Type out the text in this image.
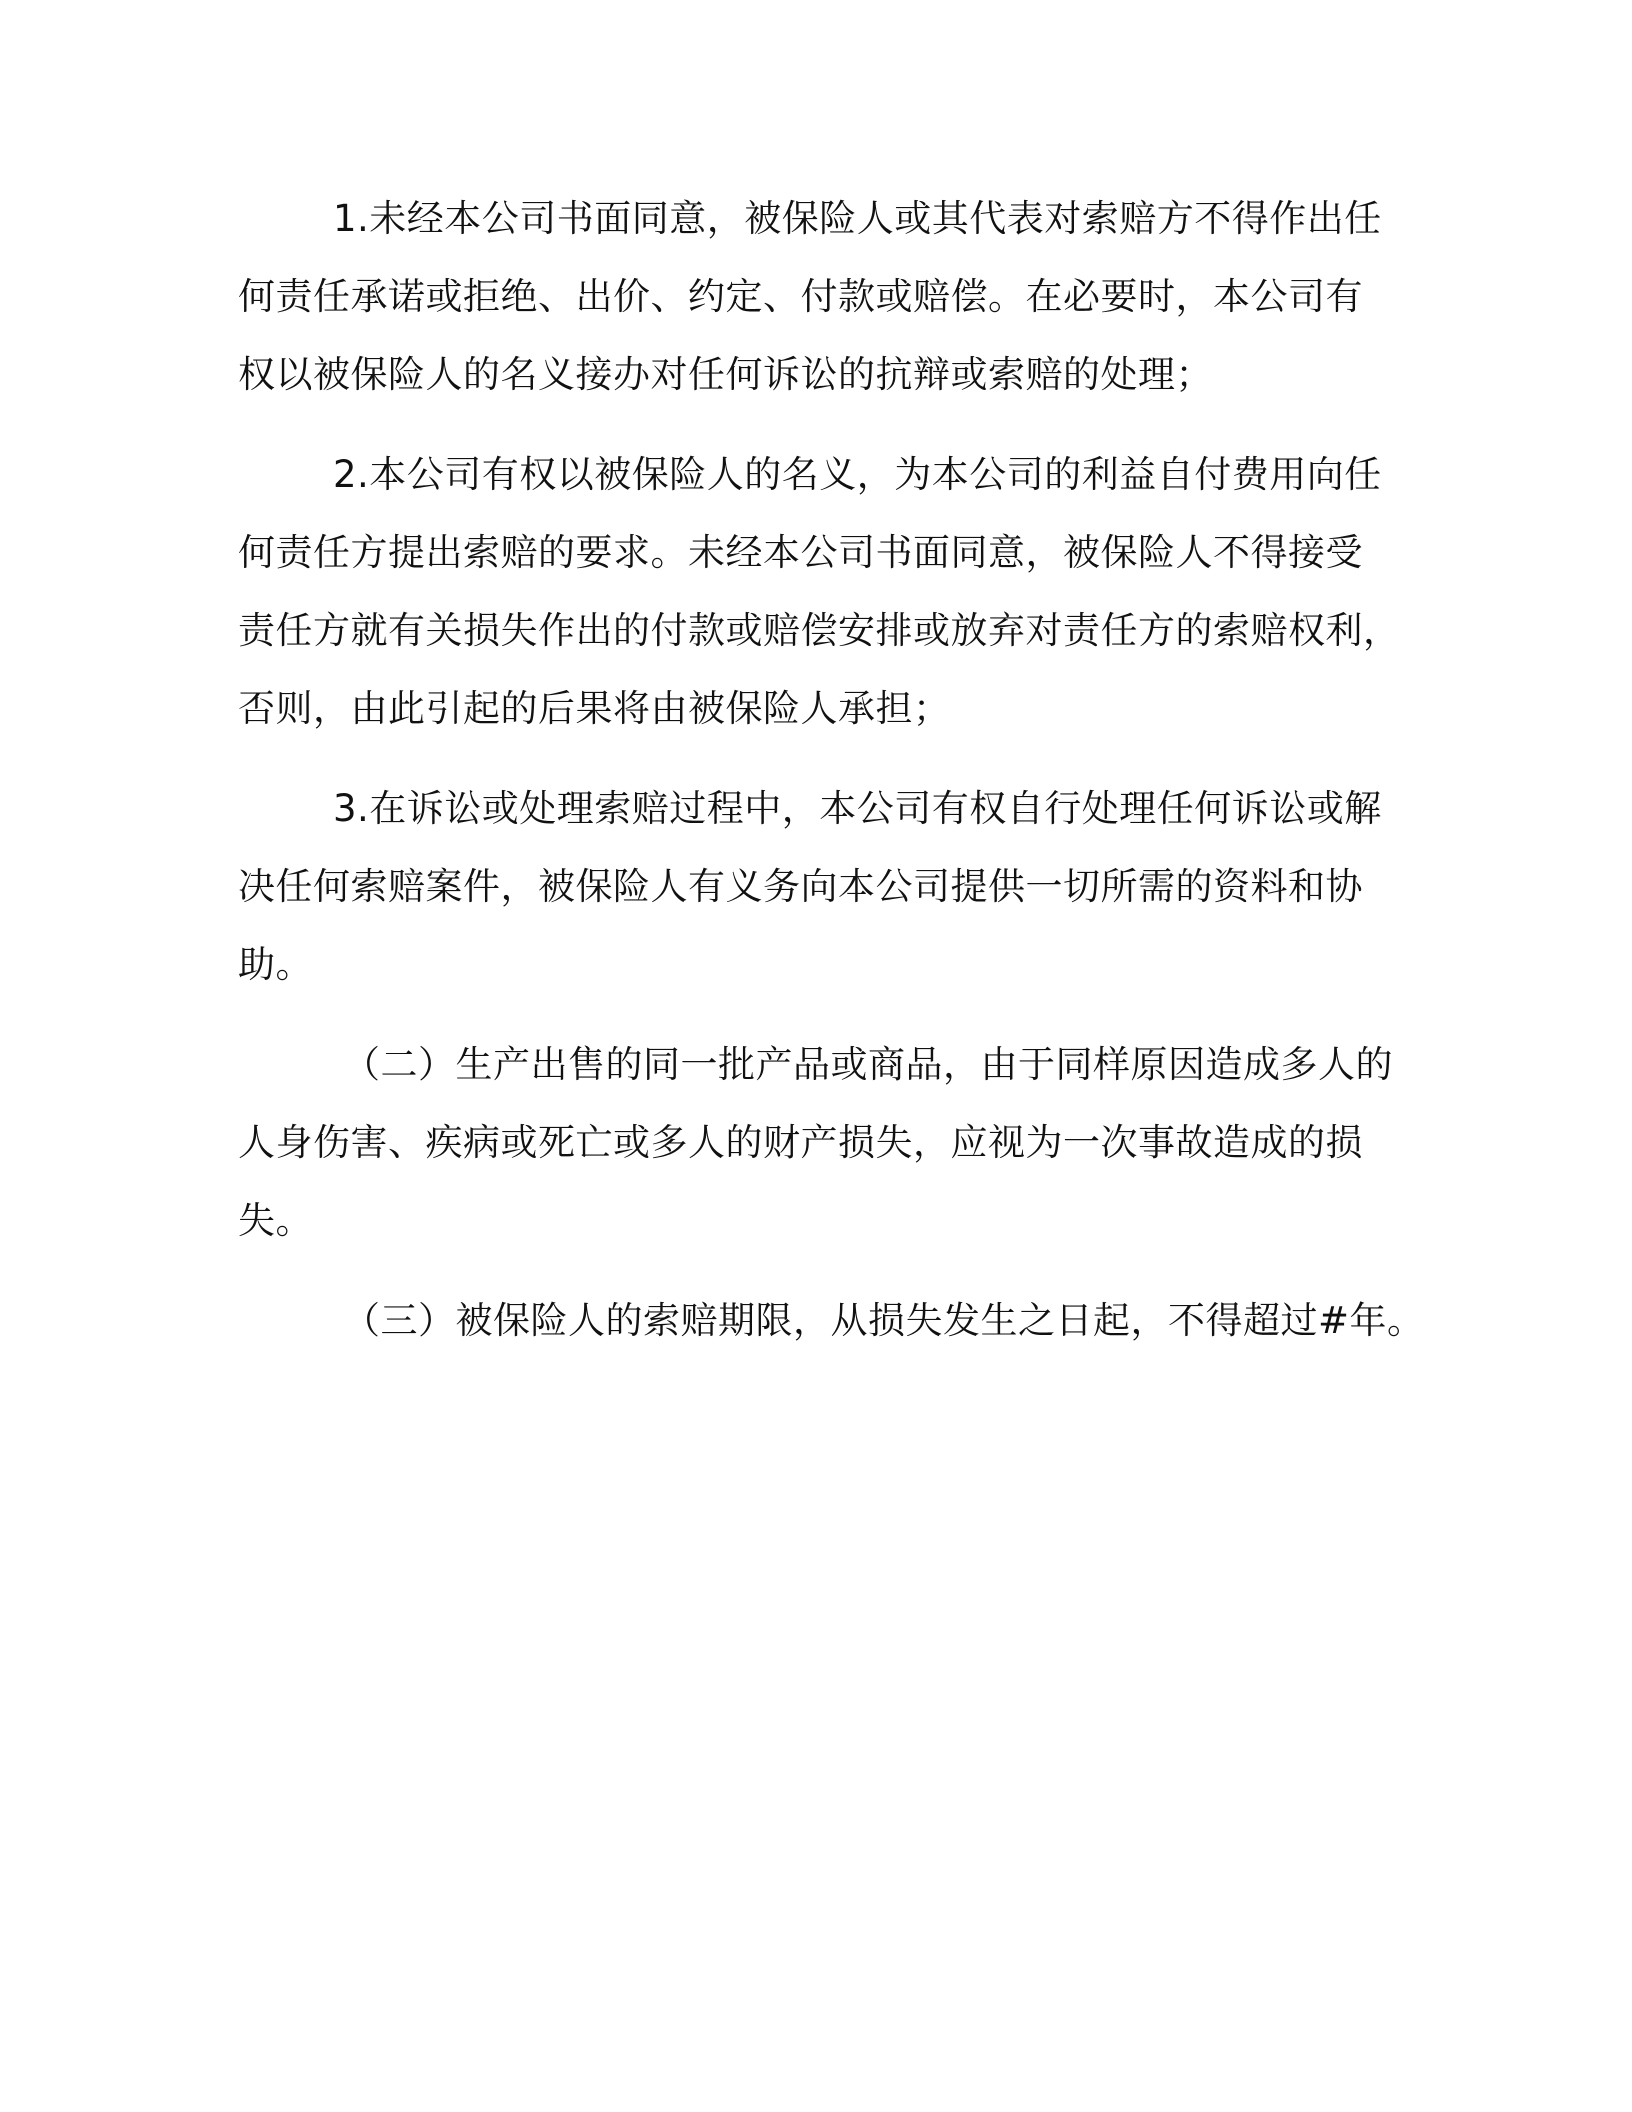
1.未经本公司书面同意，被保险人或其代表对索赔方不得作出任
何责任承诺或拒绝、出价、约定、付款或赔偿。在必要时，本公司有
权以被保险人的名义接办对任何诉讼的抗辩或索赔的处理；
2.本公司有权以被保险人的名义，为本公司的利益自付费用向任
何责任方提出索赔的要求。未经本公司书面同意，被保险人不得接受
责任方就有关损失作出的付款或赔偿安排或放弃对责任方的索赔权利，
否则，由此引起的后果将由被保险人承担；
3.在诉讼或处理索赔过程中，本公司有权自行处理任何诉讼或解
决任何索赔案件，被保险人有义务向本公司提供一切所需的资料和协
助。
（二）生产出售的同一批产品或商品，由于同样原因造成多人的
人身伤害、疾病或死亡或多人的财产损失，应视为一次事故造成的损
失。
（三）被保险人的索赔期限，从损失发生之日起，不得超过#年。
